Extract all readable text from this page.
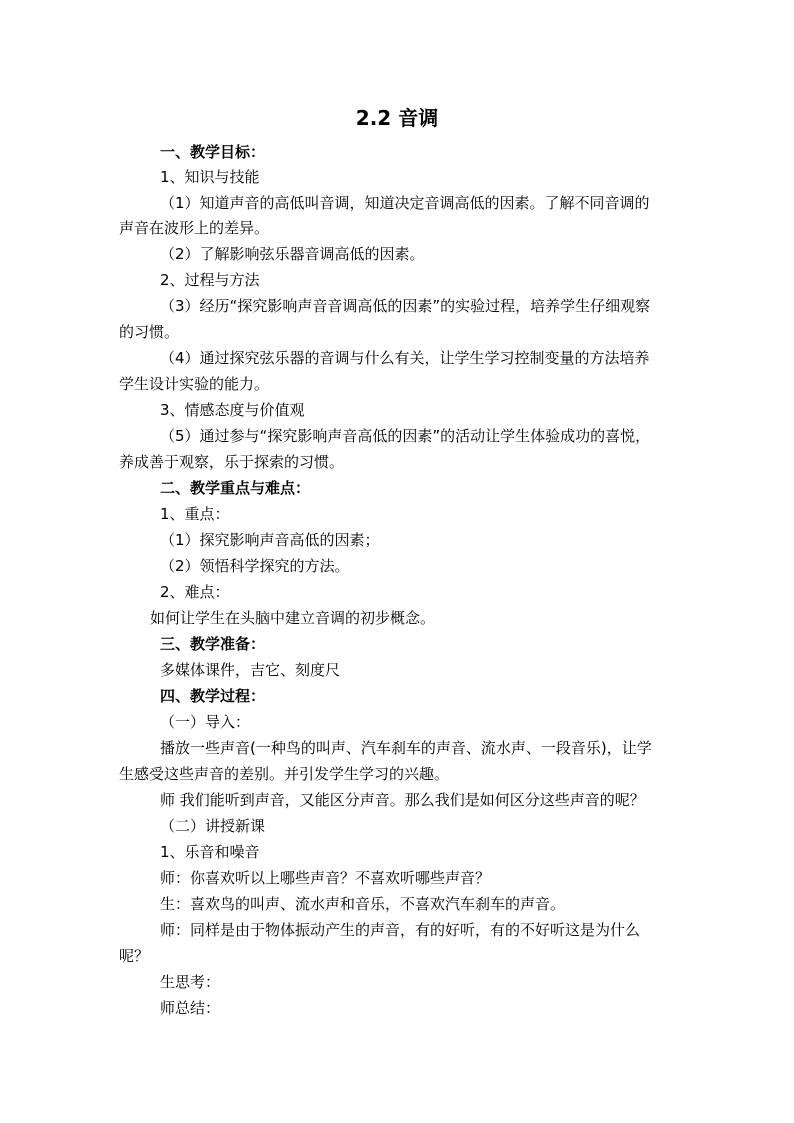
2.2 音调
一、教学目标：
1、知识与技能
（1）知道声音的高低叫音调，知道决定音调高低的因素。了解不同音调的
声音在波形上的差异。
（2）了解影响弦乐器音调高低的因素。
2、过程与方法
（3）经历“探究影响声音音调高低的因素”的实验过程，培养学生仔细观察
的习惯。
（4）通过探究弦乐器的音调与什么有关，让学生学习控制变量的方法培养
学生设计实验的能力。
3、情感态度与价值观
（5）通过参与“探究影响声音高低的因素”的活动让学生体验成功的喜悦，
养成善于观察，乐于探索的习惯。
二、教学重点与难点：
1、重点：
（1）探究影响声音高低的因素；
（2）领悟科学探究的方法。
2、难点：
如何让学生在头脑中建立音调的初步概念。
三、教学准备：
多媒体课件，吉它、刻度尺
四、教学过程：
（一）导入：
播放一些声音(一种鸟的叫声、汽车刹车的声音、流水声、一段音乐)，让学
生感受这些声音的差别。并引发学生学习的兴趣。
师 我们能听到声音，又能区分声音。那么我们是如何区分这些声音的呢？
（二）讲授新课
1、乐音和噪音
师：你喜欢听以上哪些声音？不喜欢听哪些声音？
生：喜欢鸟的叫声、流水声和音乐，不喜欢汽车刹车的声音。
师：同样是由于物体振动产生的声音，有的好听，有的不好听这是为什么
呢？
生思考：
师总结：
